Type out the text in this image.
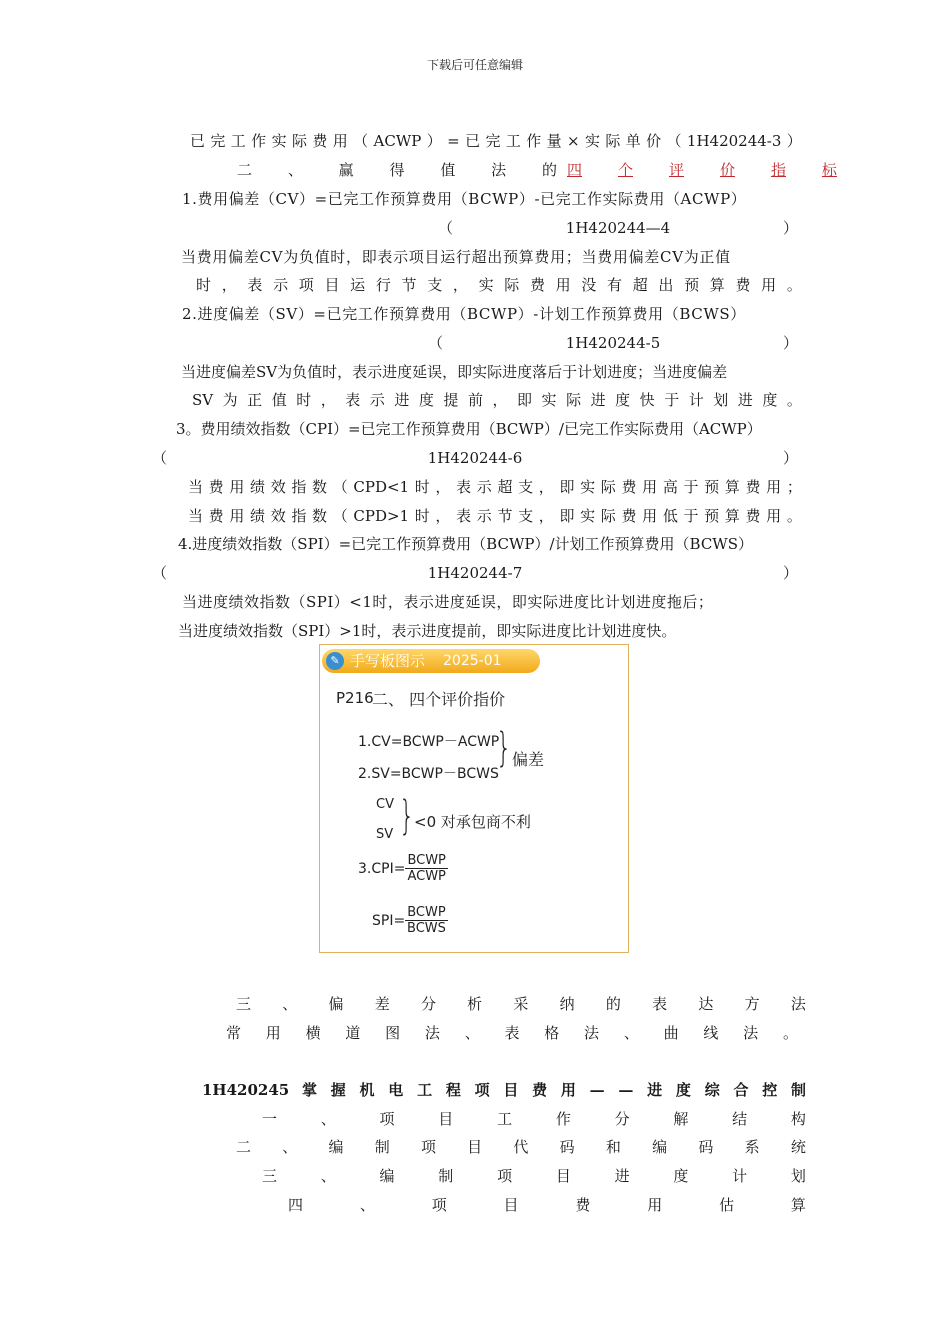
下载后可任意编辑
已 完 工 作 实 际 费 用 （ ACWP ） = 已 完 工 作 量 × 实 际 单 价 （ 1H420244-3 ）
二 、 赢 得 值 法 的 四 个 评 价 指 标
1.费用偏差（CV）=已完工作预算费用（BCWP）-已完工作实际费用（ACWP）
（	1H420244—4	）
当费用偏差CV为负值时，即表示项目运行超出预算费用；当费用偏差CV为正值
时 ， 表 示 项 目 运 行 节 支 ， 实 际 费 用 没 有 超 出 预 算 费 用 。
2.进度偏差（SV）=已完工作预算费用（BCWP）-计划工作预算费用（BCWS）
（	1H420244-5	）
当进度偏差SV为负值时，表示进度延误，即实际进度落后于计划进度；当进度偏差
SV 为 正 值 时 ， 表 示 进 度 提 前 ， 即 实 际 进 度 快 于 计 划 进 度 。
3。费用绩效指数（CPI）=已完工作预算费用（BCWP）/已完工作实际费用（ACWP）
（	1H420244-6	）
当 费 用 绩 效 指 数 （ CPD<1 时 ， 表 示 超 支 ， 即 实 际 费 用 高 于 预 算 费 用 ；
当 费 用 绩 效 指 数 （ CPD>1 时 ， 表 示 节 支 ， 即 实 际 费 用 低 于 预 算 费 用 。
4.进度绩效指数（SPI）=已完工作预算费用（BCWP）/计划工作预算费用（BCWS）
（	1H420244-7	）
当进度绩效指数（SPI）<1时，表示进度延误，即实际进度比计划进度拖后；
当进度绩效指数（SPI）>1时，表示进度提前，即实际进度比计划进度快。
✎ 手写板图示 2025-01
P216
二、 四个评价指价
1.CV=BCWP－ACWP
2.SV=BCWP－BCWS
} 偏差
CV
SV } <0 对承包商不利
$3.CPI= \frac{\text{BCWP}}{\text{ACWP}}$
$SPI= \frac{\text{BCWP}}{\text{BCWS}}$
三 、 偏 差 分 析 采 纳 的 表 达 方 法
常 用 横 道 图 法 、 表 格 法 、 曲 线 法 。
1H420245 掌 握 机 电 工 程 项 目 费 用 — — 进 度 综 合 控 制
一	、	项	目	工	作	分	解	结	构
二 、 编 制 项 目 代 码 和 编 码 系 统
三	、	编	制	项	目	进	度	计	划
四	、	项	目	费	用	估	算
